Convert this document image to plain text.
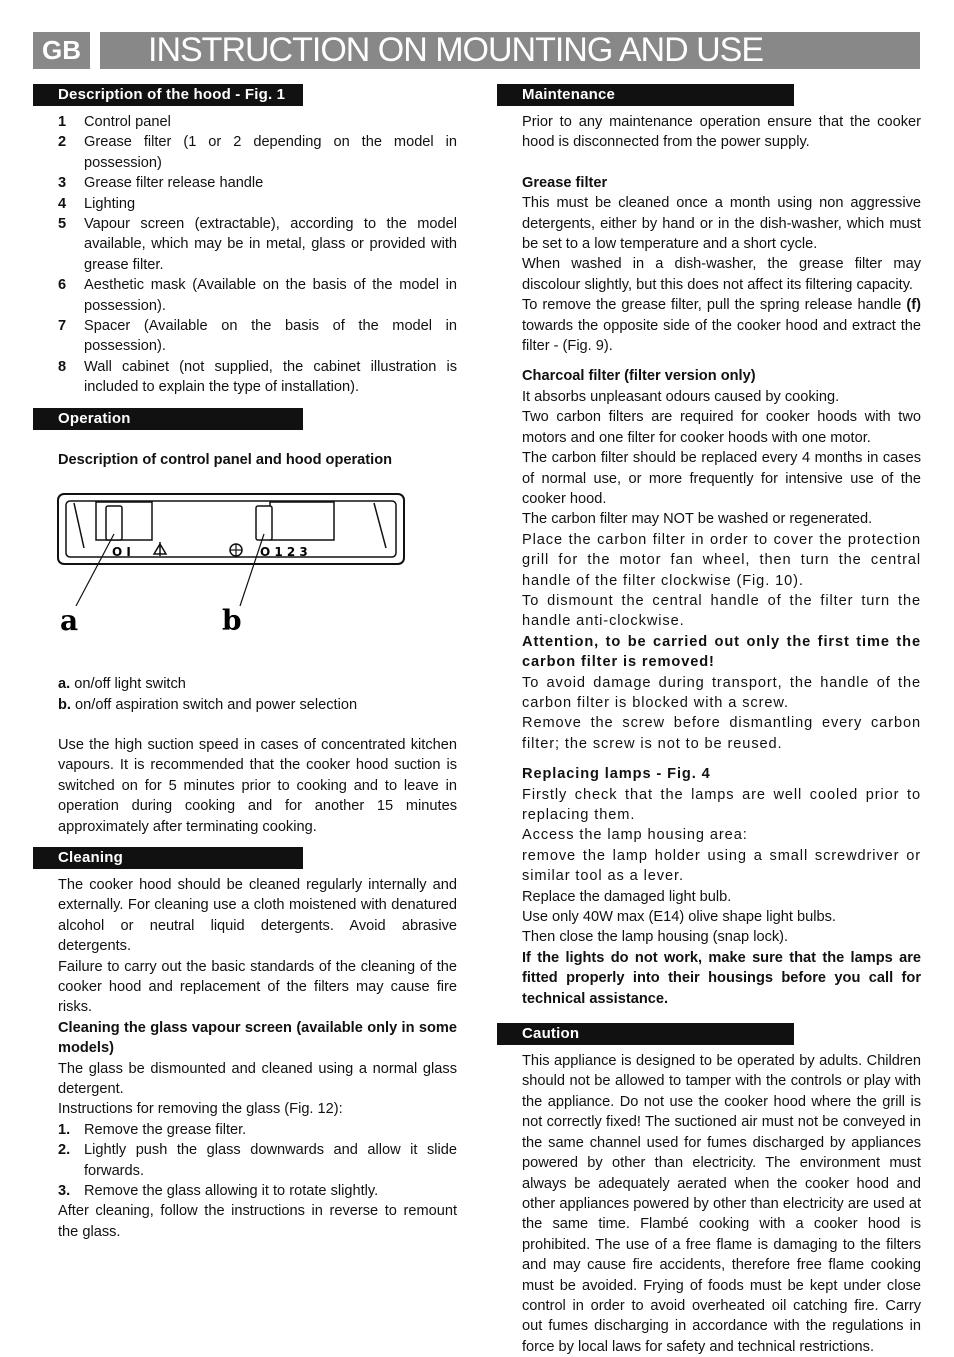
GB	INSTRUCTION ON MOUNTING AND USE
Description of the hood - Fig. 1
1	Control panel
2	Grease filter (1 or 2 depending on the model in possession)
3	Grease filter release handle
4	Lighting
5	Vapour screen (extractable), according to the model available, which may be in metal, glass or provided with grease filter.
6	Aesthetic mask (Available on the basis of the model in possession).
7	Spacer (Available on the basis of the model in possession).
8	Wall cabinet (not supplied, the cabinet illustration is included to explain the type of installation).
Operation

Description of control panel and hood operation

O I	O 1 2 3
a	b

a. on/off light switch

b. on/off aspiration switch and power selection

Use the high suction speed in cases of concentrated kitchen vapours. It is recommended that the cooker hood suction is switched on for 5 minutes prior to cooking and to leave in operation during cooking and for another 15 minutes approximately after terminating cooking.

Cleaning

The cooker hood should be cleaned regularly internally and externally. For cleaning use a cloth moistened with denatured alcohol or neutral liquid detergents. Avoid abrasive detergents.

Failure to carry out the basic standards of the cleaning of the cooker hood and replacement of the filters may cause fire risks.

Cleaning the glass vapour screen (available only in some models)

The glass be dismounted and cleaned using a normal glass detergent.

Instructions for removing the glass (Fig. 12):

1. Remove the grease filter.
2. Lightly push the glass downwards and allow it slide forwards.
3. Remove the glass allowing it to rotate slightly.

After cleaning, follow the instructions in reverse to remount the glass.

Maintenance

Prior to any maintenance operation ensure that the cooker hood is disconnected from the power supply.

Grease filter

This must be cleaned once a month using non aggressive detergents, either by hand or in the dish-washer, which must be set to a low temperature and a short cycle.

When washed in a dish-washer, the grease filter may discolour slightly, but this does not affect its filtering capacity.

To remove the grease filter, pull the spring release handle (f) towards the opposite side of the cooker hood and extract the filter - (Fig. 9).

Charcoal filter (filter version only)

It absorbs unpleasant odours caused by cooking.

Two carbon filters are required for cooker hoods with two motors and one filter for cooker hoods with one motor.

The carbon filter should be replaced every 4 months in cases of normal use, or more frequently for intensive use of the cooker hood.

The carbon filter may NOT be washed or regenerated.

Place the carbon filter in order to cover the protection grill for the motor fan wheel, then turn the central handle of the filter clockwise (Fig. 10).

To dismount the central handle of the filter turn the handle anti-clockwise.

Attention, to be carried out only the first time the carbon filter is removed!

To avoid damage during transport, the handle of the carbon filter is blocked with a screw.

Remove the screw before dismantling every carbon filter; the screw is not to be reused.

Replacing lamps - Fig. 4

Firstly check that the lamps are well cooled prior to replacing them.

Access the lamp housing area:

remove the lamp holder using a small screwdriver or similar tool as a lever.

Replace the damaged light bulb.

Use only 40W max (E14) olive shape light bulbs.

Then close the lamp housing (snap lock).

If the lights do not work, make sure that the lamps are fitted properly into their housings before you call for technical assistance.

Caution

This appliance is designed to be operated by adults. Children should not be allowed to tamper with the controls or play with the appliance. Do not use the cooker hood where the grill is not correctly fixed! The suctioned air must not be conveyed in the same channel used for fumes discharged by appliances powered by other than electricity. The environment must always be adequately aerated when the cooker hood and other appliances powered by other than electricity are used at the same time. Flambé cooking with a cooker hood is prohibited. The use of a free flame is damaging to the filters and may cause fire accidents, therefore free flame cooking must be avoided. Frying of foods must be kept under close control in order to avoid overheated oil catching fire. Carry out fumes discharging in accordance with the regulations in force by local laws for safety and technical restrictions.
